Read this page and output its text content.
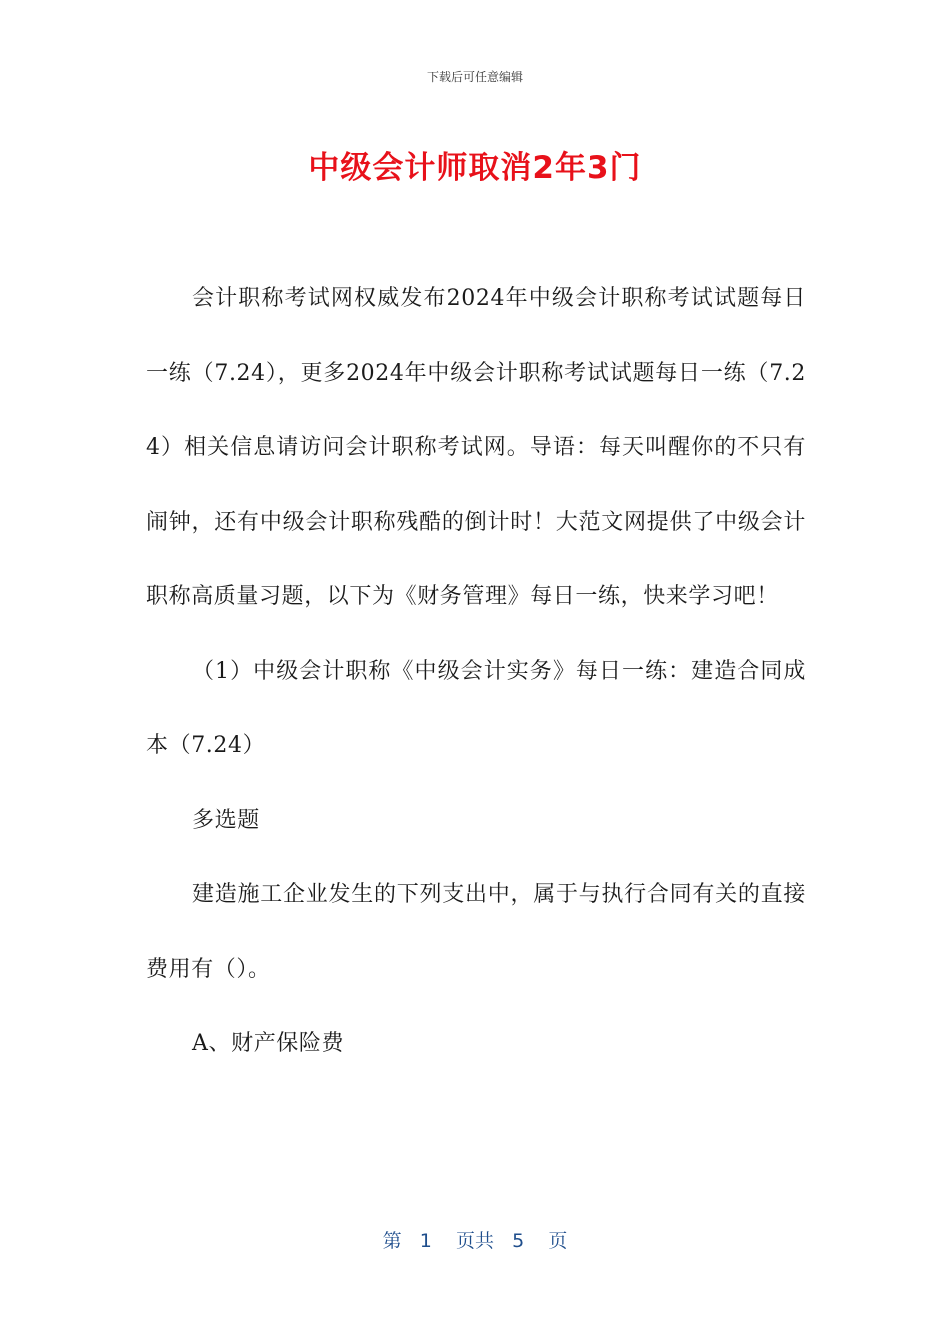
下载后可任意编辑
中级会计师取消2年3门

会计职称考试网权威发布2024年中级会计职称考试试题每日一练（7.24），更多2024年中级会计职称考试试题每日一练（7.24）相关信息请访问会计职称考试网。导语：每天叫醒你的不只有闹钟，还有中级会计职称残酷的倒计时！大范文网提供了中级会计职称高质量习题，以下为《财务管理》每日一练，快来学习吧！

（1）中级会计职称《中级会计实务》每日一练：建造合同成本（7.24）

多选题

建造施工企业发生的下列支出中，属于与执行合同有关的直接费用有（）。

A、财产保险费

第 1 页共 5 页
